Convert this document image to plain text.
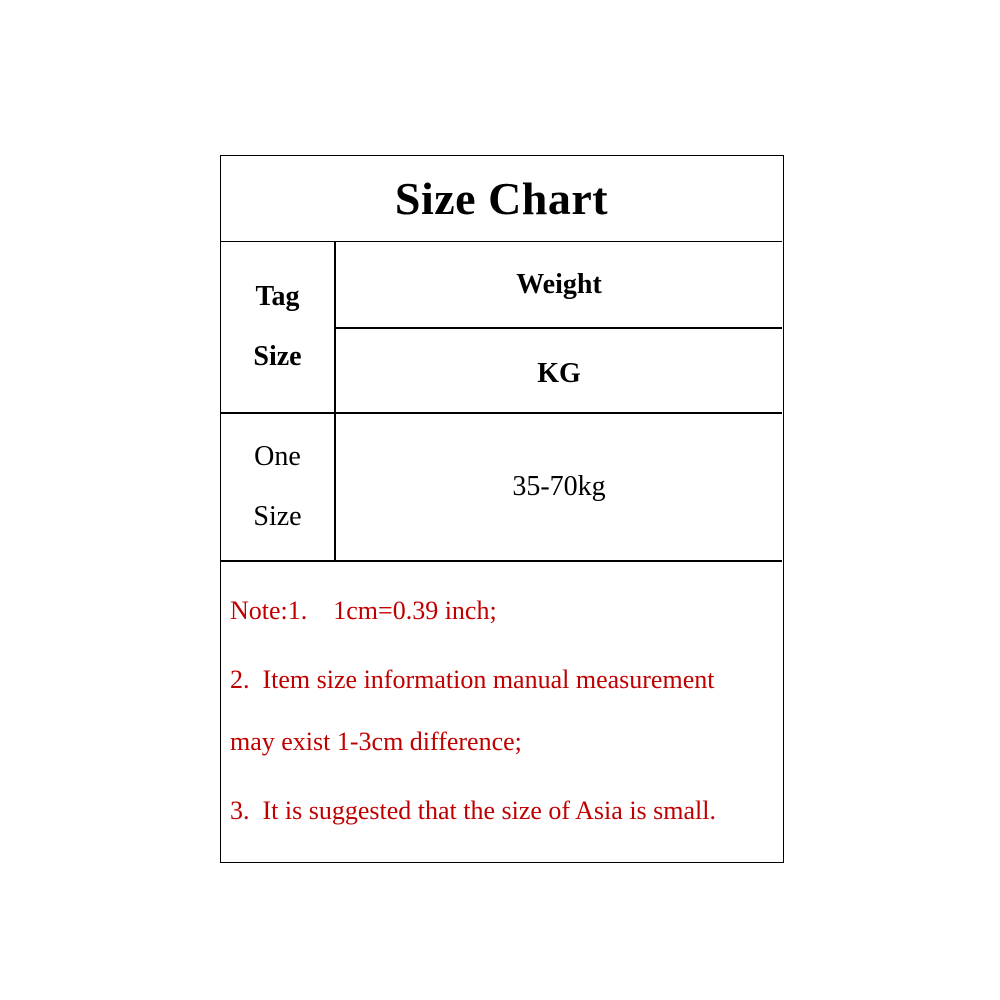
Size Chart
Tag
Size
Weight
KG
One
Size
35-70kg
Note:1.    1cm=0.39 inch;
2.  Item size information manual measurement
may exist 1-3cm difference;
3.  It is suggested that the size of Asia is small.
